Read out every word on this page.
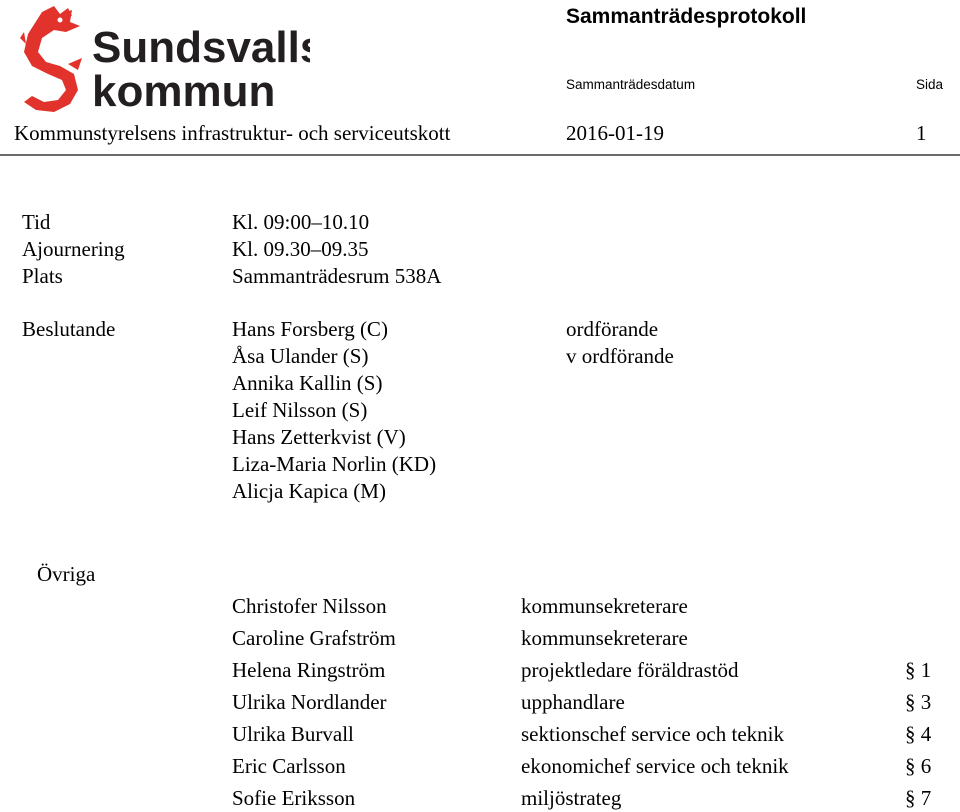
Sundsvalls
kommun
Sammanträdesprotokoll
Sammanträdesdatum	Sida
Kommunstyrelsens infrastruktur- och serviceutskott	2016-01-19	1
Tid	Kl. 09:00–10.10
Ajournering	Kl. 09.30–09.35
Plats	Sammanträdesrum 538A
Beslutande	Hans Forsberg (C)	ordförande
Åsa Ulander (S)	v ordförande
Annika Kallin (S)
Leif Nilsson (S)
Hans Zetterkvist (V)
Liza-Maria Norlin (KD)
Alicja Kapica (M)
Övriga
Christofer Nilsson	kommunsekreterare
Caroline Grafström	kommunsekreterare
Helena Ringström	projektledare föräldrastöd	§ 1
Ulrika Nordlander	upphandlare	§ 3
Ulrika Burvall	sektionschef service och teknik	§ 4
Eric Carlsson	ekonomichef service och teknik	§ 6
Sofie Eriksson	miljöstrateg	§ 7
